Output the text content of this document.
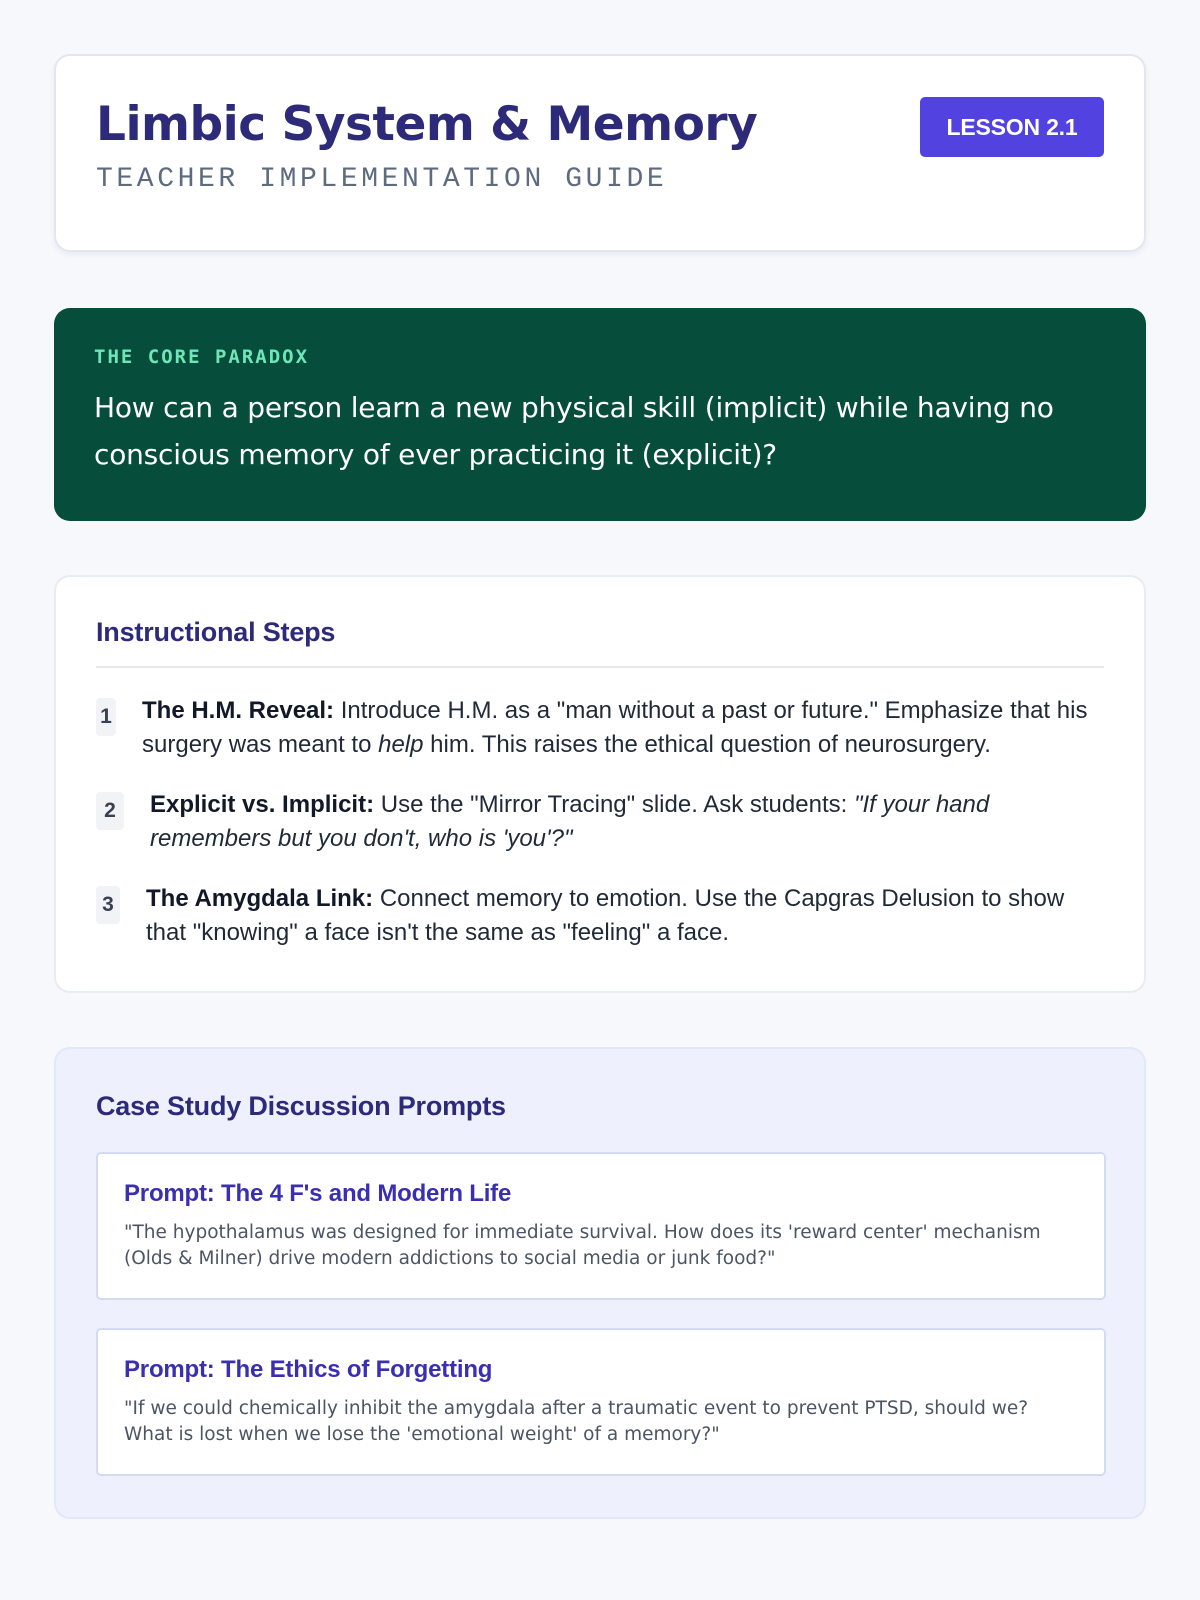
Limbic System & Memory
TEACHER IMPLEMENTATION GUIDE
LESSON 2.1
THE CORE PARADOX
How can a person learn a new physical skill (implicit) while having no conscious memory of ever practicing it (explicit)?
Instructional Steps
1 The H.M. Reveal: Introduce H.M. as a "man without a past or future." Emphasize that his surgery was meant to help him. This raises the ethical question of neurosurgery.
2	Explicit vs. Implicit: Use the "Mirror Tracing" slide. Ask students: "If your hand remembers but you don't, who is 'you'?"
3 The Amygdala Link: Connect memory to emotion. Use the Capgras Delusion to show that "knowing" a face isn't the same as "feeling" a face.
Case Study Discussion Prompts
Prompt: The 4 F's and Modern Life
"The hypothalamus was designed for immediate survival. How does its 'reward center' mechanism (Olds & Milner) drive modern addictions to social media or junk food?"
Prompt: The Ethics of Forgetting
"If we could chemically inhibit the amygdala after a traumatic event to prevent PTSD, should we? What is lost when we lose the 'emotional weight' of a memory?"
